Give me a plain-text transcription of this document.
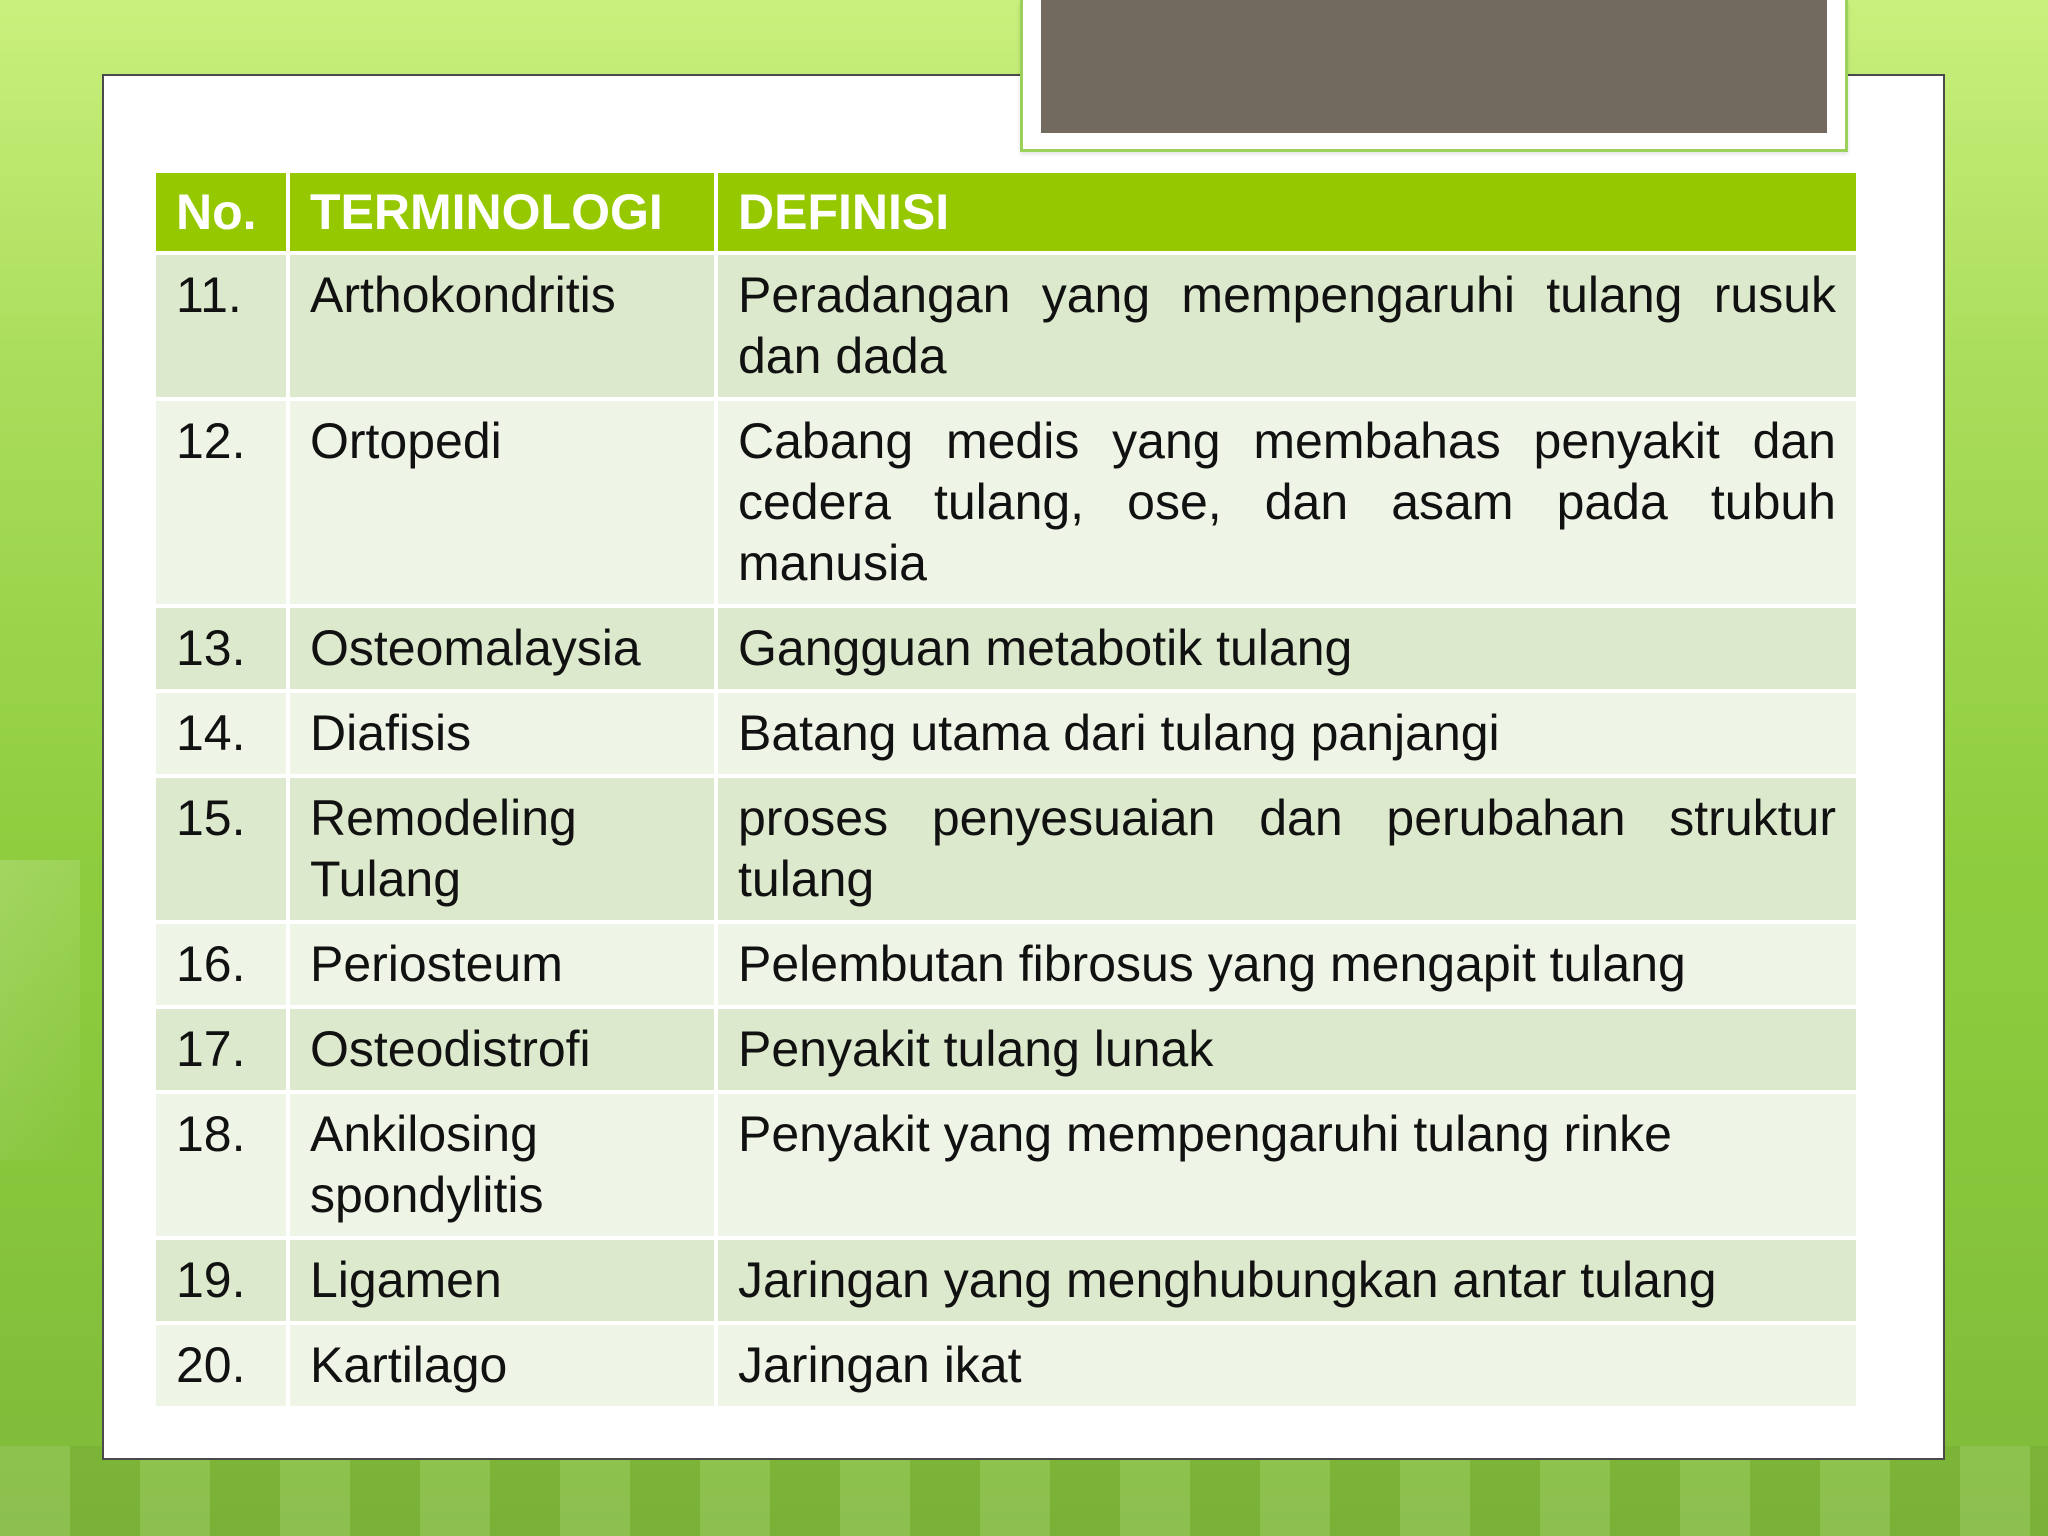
No.	TERMINOLOGI	DEFINISI
11.	Arthokondritis	Peradangan yang mempengaruhi tulang rusuk dan dada
12.	Ortopedi	Cabang medis yang membahas penyakit dan cedera tulang, ose, dan asam pada tubuh manusia
13.	Osteomalaysia	Gangguan metabotik tulang
14.	Diafisis	Batang utama dari tulang panjangi
15.	Remodeling Tulang	proses penyesuaian dan perubahan struktur tulang
16.	Periosteum	Pelembutan fibrosus yang mengapit tulang
17.	Osteodistrofi	Penyakit tulang lunak
18.	Ankilosing spondylitis	Penyakit yang mempengaruhi tulang rinke
19.	Ligamen	Jaringan yang menghubungkan antar tulang
20.	Kartilago	Jaringan ikat
